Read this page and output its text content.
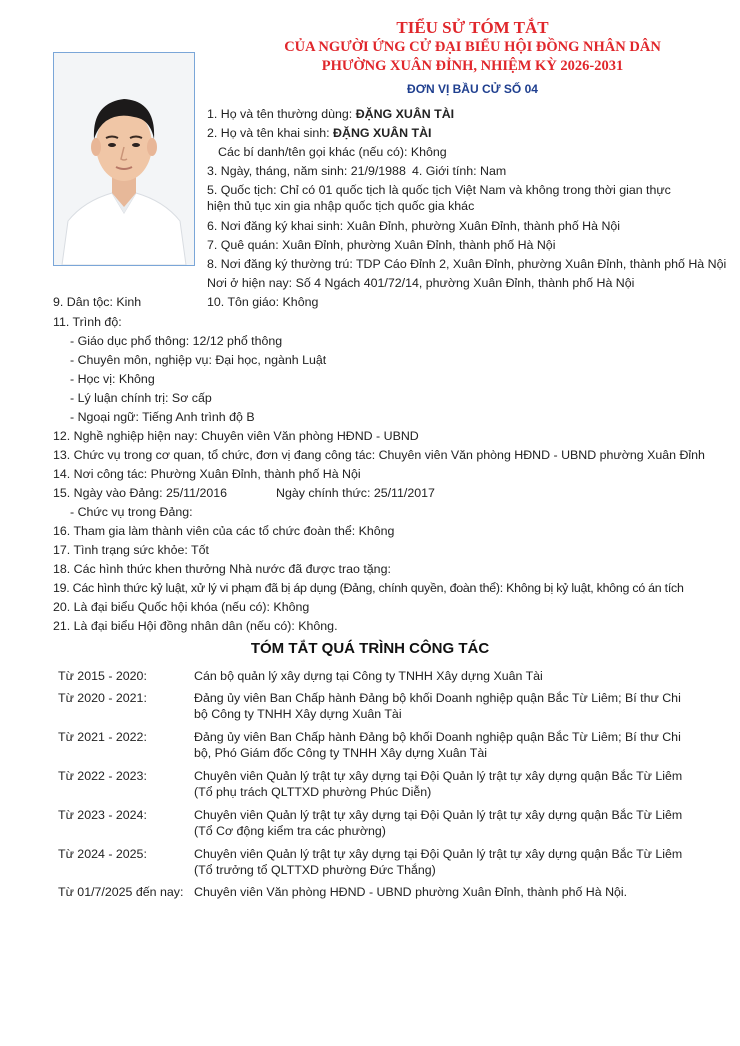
TIỂU SỬ TÓM TẮT
CỦA NGƯỜI ỨNG CỬ ĐẠI BIỂU HỘI ĐỒNG NHÂN DÂN
PHƯỜNG XUÂN ĐỈNH, NHIỆM KỲ 2026-2031
ĐƠN VỊ BẦU CỬ SỐ 04
1. Họ và tên thường dùng: ĐẶNG XUÂN TÀI
2. Họ và tên khai sinh: ĐẶNG XUÂN TÀI
Các bí danh/tên gọi khác (nếu có): Không
3. Ngày, tháng, năm sinh: 21/9/1988 4. Giới tính: Nam
5. Quốc tịch: Chỉ có 01 quốc tịch là quốc tịch Việt Nam và không trong thời gian thực hiện thủ tục xin gia nhập quốc tịch quốc gia khác
6. Nơi đăng ký khai sinh: Xuân Đỉnh, phường Xuân Đỉnh, thành phố Hà Nội
7. Quê quán: Xuân Đỉnh, phường Xuân Đỉnh, thành phố Hà Nội
8. Nơi đăng ký thường trú: TDP Cáo Đỉnh 2, Xuân Đỉnh, phường Xuân Đỉnh, thành phố Hà Nội
Nơi ở hiện nay: Số 4 Ngách 401/72/14, phường Xuân Đỉnh, thành phố Hà Nội
9. Dân tộc: Kinh	10. Tôn giáo: Không
11. Trình độ:
- Giáo dục phổ thông: 12/12 phổ thông
- Chuyên môn, nghiệp vụ: Đại học, ngành Luật
- Học vị: Không
- Lý luận chính trị: Sơ cấp
- Ngoại ngữ: Tiếng Anh trình độ B
12. Nghề nghiệp hiện nay: Chuyên viên Văn phòng HĐND - UBND
13. Chức vụ trong cơ quan, tổ chức, đơn vị đang công tác: Chuyên viên Văn phòng HĐND - UBND phường Xuân Đỉnh
14. Nơi công tác: Phường Xuân Đỉnh, thành phố Hà Nội
15. Ngày vào Đảng: 25/11/2016	Ngày chính thức: 25/11/2017
- Chức vụ trong Đảng:
16. Tham gia làm thành viên của các tổ chức đoàn thể: Không
17. Tình trạng sức khỏe: Tốt
18. Các hình thức khen thưởng Nhà nước đã được trao tặng:
19. Các hình thức kỷ luật, xử lý vi phạm đã bị áp dụng (Đảng, chính quyền, đoàn thể): Không bị kỷ luật, không có án tích
20. Là đại biểu Quốc hội khóa (nếu có): Không
21. Là đại biểu Hội đồng nhân dân (nếu có): Không.
TÓM TẮT QUÁ TRÌNH CÔNG TÁC
Từ 2015 - 2020:	Cán bộ quản lý xây dựng tại Công ty TNHH Xây dựng Xuân Tài
Từ 2020 - 2021:	Đảng ủy viên Ban Chấp hành Đảng bộ khối Doanh nghiệp quận Bắc Từ Liêm; Bí thư Chi bộ Công ty TNHH Xây dựng Xuân Tài
Từ 2021 - 2022:	Đảng ủy viên Ban Chấp hành Đảng bộ khối Doanh nghiệp quận Bắc Từ Liêm; Bí thư Chi bộ, Phó Giám đốc Công ty TNHH Xây dựng Xuân Tài
Từ 2022 - 2023:	Chuyên viên Quản lý trật tự xây dựng tại Đội Quản lý trật tự xây dựng quận Bắc Từ Liêm (Tổ phụ trách QLTTXD phường Phúc Diễn)
Từ 2023 - 2024:	Chuyên viên Quản lý trật tự xây dựng tại Đội Quản lý trật tự xây dựng quận Bắc Từ Liêm (Tổ Cơ động kiểm tra các phường)
Từ 2024 - 2025:	Chuyên viên Quản lý trật tự xây dựng tại Đội Quản lý trật tự xây dựng quận Bắc Từ Liêm (Tổ trưởng tổ QLTTXD phường Đức Thắng)
Từ 01/7/2025 đến nay: Chuyên viên Văn phòng HĐND - UBND phường Xuân Đỉnh, thành phố Hà Nội.
